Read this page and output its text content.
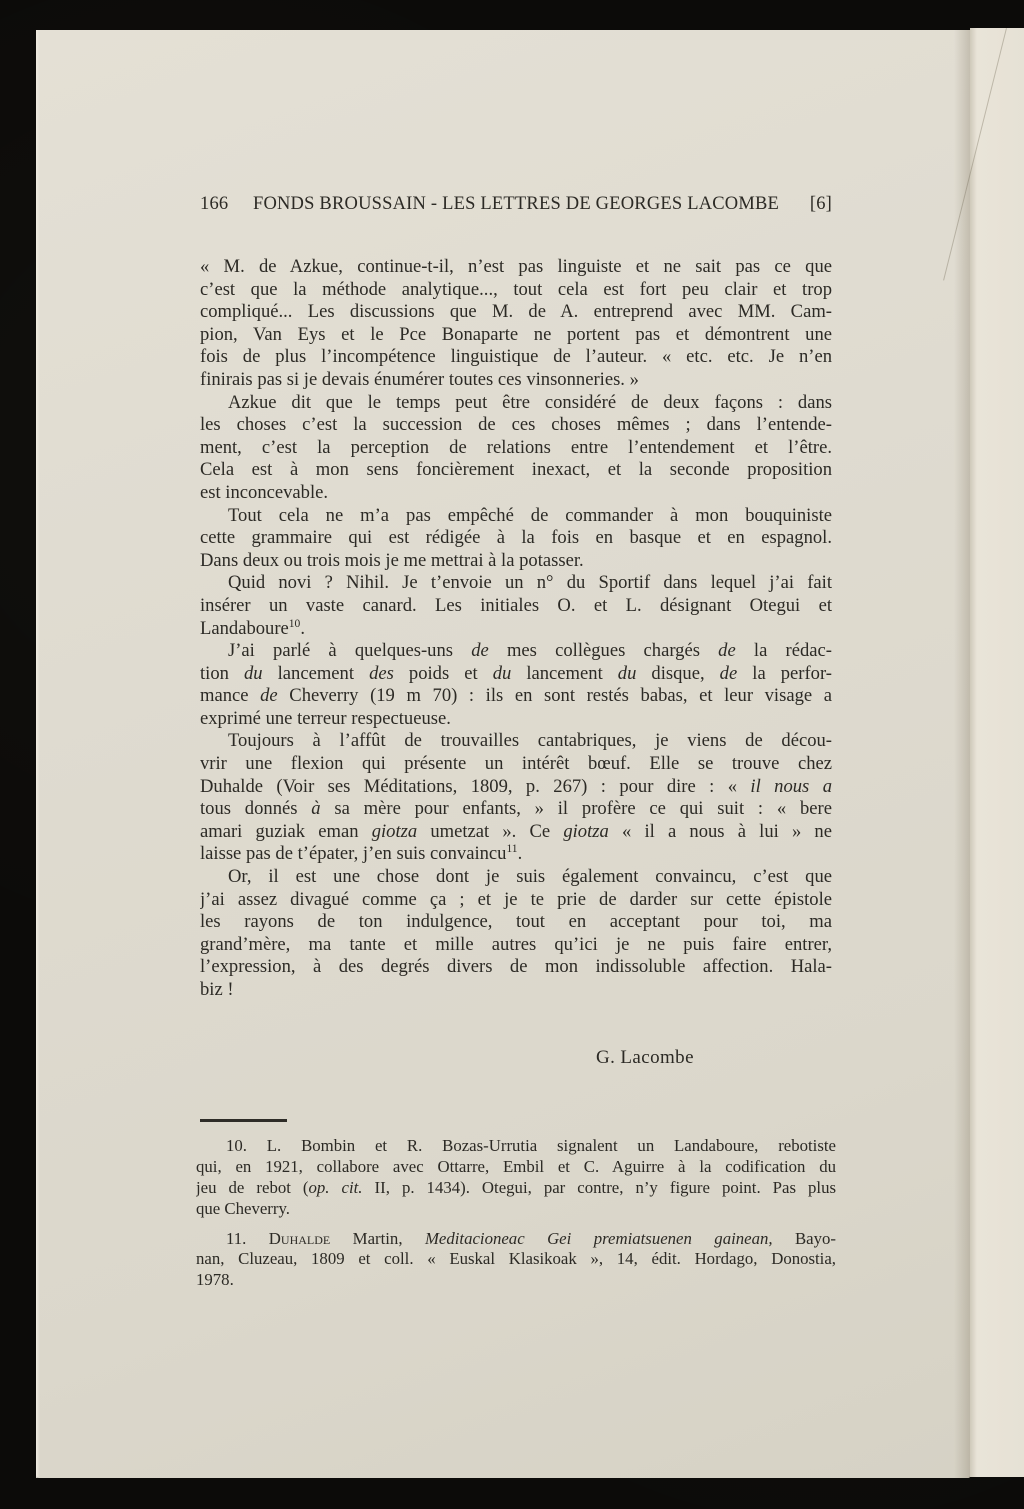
166 FONDS BROUSSAIN - LES LETTRES DE GEORGES LACOMBE [6]
« M. de Azkue, continue-t-il, n’est pas linguiste et ne sait pas ce que
c’est que la méthode analytique..., tout cela est fort peu clair et trop
compliqué... Les discussions que M. de A. entreprend avec MM. Cam-
pion, Van Eys et le Pce Bonaparte ne portent pas et démontrent une
fois de plus l’incompétence linguistique de l’auteur. « etc. etc. Je n’en
finirais pas si je devais énumérer toutes ces vinsonneries. »
Azkue dit que le temps peut être considéré de deux façons : dans
les choses c’est la succession de ces choses mêmes ; dans l’entende-
ment, c’est la perception de relations entre l’entendement et l’être.
Cela est à mon sens foncièrement inexact, et la seconde proposition
est inconcevable.
Tout cela ne m’a pas empêché de commander à mon bouquiniste
cette grammaire qui est rédigée à la fois en basque et en espagnol.
Dans deux ou trois mois je me mettrai à la potasser.
Quid novi ? Nihil. Je t’envoie un n° du Sportif dans lequel j’ai fait
insérer un vaste canard. Les initiales O. et L. désignant Otegui et
Landaboure$^{10}$.
J’ai parlé à quelques-uns de mes collègues chargés de la rédac-
tion du lancement des poids et du lancement du disque, de la perfor-
mance de Cheverry (19 m 70) : ils en sont restés babas, et leur visage a
exprimé une terreur respectueuse.
Toujours à l’affût de trouvailles cantabriques, je viens de décou-
vrir une flexion qui présente un intérêt bœuf. Elle se trouve chez
Duhalde (Voir ses Méditations, 1809, p. 267) : pour dire : « il nous a
tous donnés à sa mère pour enfants, » il profère ce qui suit : « bere
amari guziak eman giotza umetzat ». Ce giotza « il a nous à lui » ne
laisse pas de t’épater, j’en suis convaincu$^{11}$.
Or, il est une chose dont je suis également convaincu, c’est que
j’ai assez divagué comme ça ; et je te prie de darder sur cette épistole
les rayons de ton indulgence, tout en acceptant pour toi, ma
grand’mère, ma tante et mille autres qu’ici je ne puis faire entrer,
l’expression, à des degrés divers de mon indissoluble affection. Hala-
biz !
G. Lacombe
10. L. Bombin et R. Bozas-Urrutia signalent un Landaboure, rebotiste
qui, en 1921, collabore avec Ottarre, Embil et C. Aguirre à la codification du
jeu de rebot (op. cit. II, p. 1434). Otegui, par contre, n’y figure point. Pas plus
que Cheverry.
11. Duhalde Martin, Meditacioneac Gei premiatsuenen gainean, Bayo-
nan, Cluzeau, 1809 et coll. « Euskal Klasikoak », 14, édit. Hordago, Donostia,
1978.
